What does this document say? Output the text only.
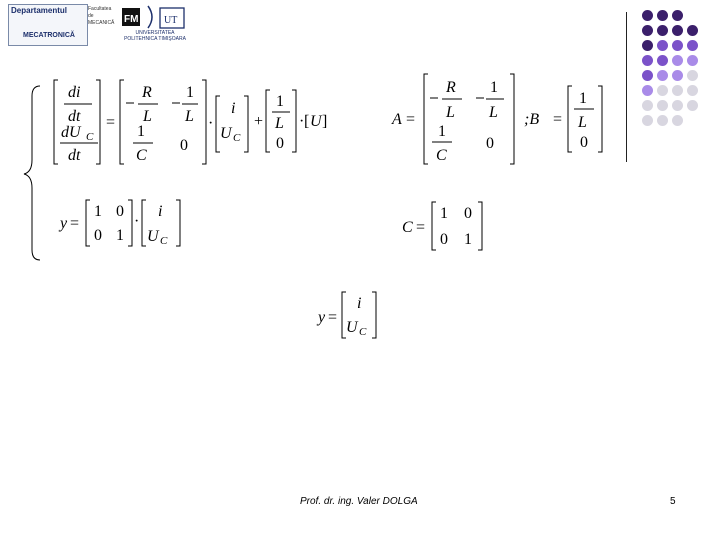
Departamentul
MECATRONICĂ
Facultatea de MECANICĂ FM	UT
UNIVERSITATEA POLITEHNICA TIMIŞOARA
di
dt
dU C
dt
=
R
L
1
L
1
C
0
·
i
U C
+
1
L
0
· [ U ]	A =
R
L
1
L
1
C
0
;B =
1
L
0
y =
1 0
0 1
·
i
U C
C =
1 0
0 1
y =
i
U C
Prof. dr. ing. Valer DOLGA	5
